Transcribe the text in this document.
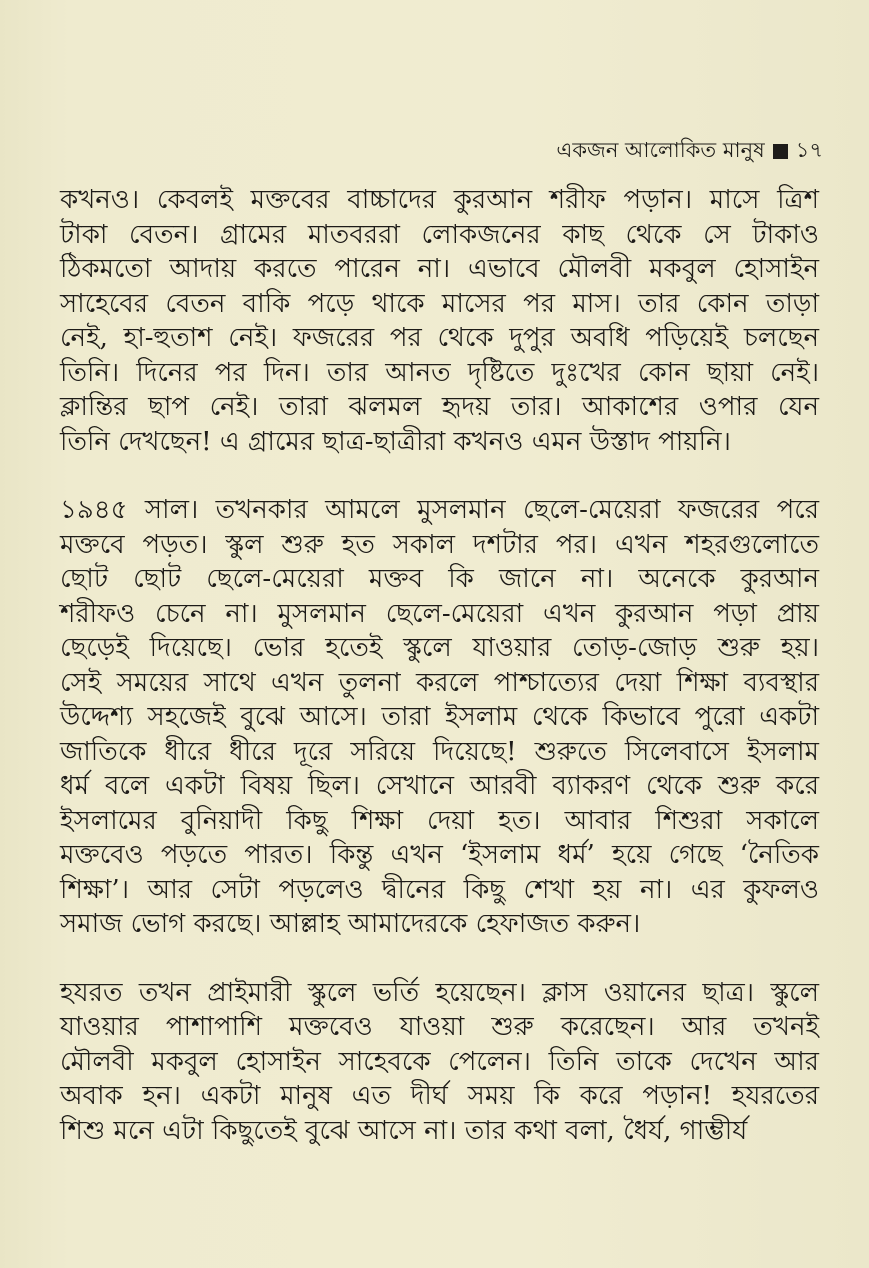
একজন আলোকিত মানুষ ১৭
কখনও। কেবলই মক্তবের বাচ্চাদের কুরআন শরীফ পড়ান। মাসে ত্রিশ
টাকা বেতন। গ্রামের মাতবররা লোকজনের কাছ থেকে সে টাকাও
ঠিকমতো আদায় করতে পারেন না। এভাবে মৌলবী মকবুল হোসাইন
সাহেবের বেতন বাকি পড়ে থাকে মাসের পর মাস। তার কোন তাড়া
নেই, হা-হুতাশ নেই। ফজরের পর থেকে দুপুর অবধি পড়িয়েই চলছেন
তিনি। দিনের পর দিন। তার আনত দৃষ্টিতে দুঃখের কোন ছায়া নেই।
ক্লান্তির ছাপ নেই। তারা ঝলমল হৃদয় তার। আকাশের ওপার যেন
তিনি দেখছেন! এ গ্রামের ছাত্র-ছাত্রীরা কখনও এমন উস্তাদ পায়নি।
১৯৪৫ সাল। তখনকার আমলে মুসলমান ছেলে-মেয়েরা ফজরের পরে
মক্তবে পড়ত। স্কুল শুরু হত সকাল দশটার পর। এখন শহরগুলোতে
ছোট ছোট ছেলে-মেয়েরা মক্তব কি জানে না। অনেকে কুরআন
শরীফও চেনে না। মুসলমান ছেলে-মেয়েরা এখন কুরআন পড়া প্রায়
ছেড়েই দিয়েছে। ভোর হতেই স্কুলে যাওয়ার তোড়-জোড় শুরু হয়।
সেই সময়ের সাথে এখন তুলনা করলে পাশ্চাত্যের দেয়া শিক্ষা ব্যবস্থার
উদ্দেশ্য সহজেই বুঝে আসে। তারা ইসলাম থেকে কিভাবে পুরো একটা
জাতিকে ধীরে ধীরে দূরে সরিয়ে দিয়েছে! শুরুতে সিলেবাসে ইসলাম
ধর্ম বলে একটা বিষয় ছিল। সেখানে আরবী ব্যাকরণ থেকে শুরু করে
ইসলামের বুনিয়াদী কিছু শিক্ষা দেয়া হত। আবার শিশুরা সকালে
মক্তবেও পড়তে পারত। কিন্তু এখন ‘ইসলাম ধর্ম’ হয়ে গেছে ‘নৈতিক
শিক্ষা’। আর সেটা পড়লেও দ্বীনের কিছু শেখা হয় না। এর কুফলও
সমাজ ভোগ করছে। আল্লাহ আমাদেরকে হেফাজত করুন।
হযরত তখন প্রাইমারী স্কুলে ভর্তি হয়েছেন। ক্লাস ওয়ানের ছাত্র। স্কুলে
যাওয়ার পাশাপাশি মক্তবেও যাওয়া শুরু করেছেন। আর তখনই
মৌলবী মকবুল হোসাইন সাহেবকে পেলেন। তিনি তাকে দেখেন আর
অবাক হন। একটা মানুষ এত দীর্ঘ সময় কি করে পড়ান! হযরতের
শিশু মনে এটা কিছুতেই বুঝে আসে না। তার কথা বলা, ধৈর্য, গাম্ভীর্য
